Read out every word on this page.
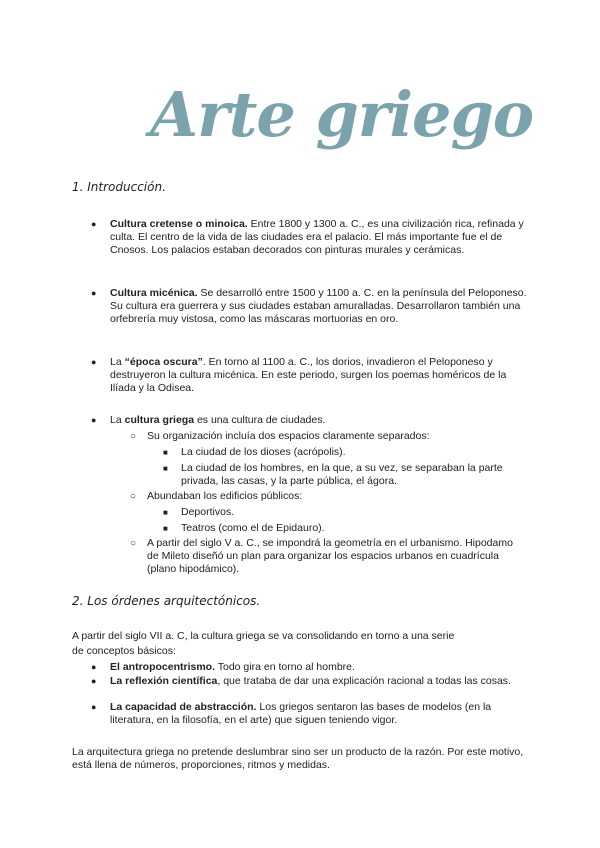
Arte griego
1. Introducción.
● Cultura cretense o minoica. Entre 1800 y 1300 a. C., es una civilización rica, refinada y culta. El centro de la vida de las ciudades era el palacio. El más importante fue el de Cnosos. Los palacios estaban decorados con pinturas murales y cerámicas.
● Cultura micénica. Se desarrolló entre 1500 y 1100 a. C. en la península del Peloponeso. Su cultura era guerrera y sus ciudades estaban amuralladas. Desarrollaron también una orfebrería muy vistosa, como las máscaras mortuorias en oro.
● La “época oscura”. En torno al 1100 a. C., los dorios, invadieron el Peloponeso y destruyeron la cultura micénica. En este periodo, surgen los poemas homéricos de la Ilíada y la Odisea.
● La cultura griega es una cultura de ciudades.
○ Su organización incluía dos espacios claramente separados:
■ La ciudad de los dioses (acrópolis).
■ La ciudad de los hombres, en la que, a su vez, se separaban la parte privada, las casas, y la parte pública, el ágora.
○ Abundaban los edificios públicos:
■ Deportivos.
■ Teatros (como el de Epidauro).
○ A partir del siglo V a. C., se impondrá la geometría en el urbanismo. Hipodamo de Mileto diseñó un plan para organizar los espacios urbanos en cuadrícula (plano hipodámico).
2. Los órdenes arquitectónicos.
A partir del siglo VII a. C, la cultura griega se va consolidando en torno a una serie
de conceptos básicos:
● El antropocentrismo. Todo gira en torno al hombre.
● La reflexión científica, que trataba de dar una explicación racional a todas las cosas.
● La capacidad de abstracción. Los griegos sentaron las bases de modelos (en la literatura, en la filosofía, en el arte) que siguen teniendo vigor.
La arquitectura griega no pretende deslumbrar sino ser un producto de la razón. Por este motivo, está llena de números, proporciones, ritmos y medidas.
